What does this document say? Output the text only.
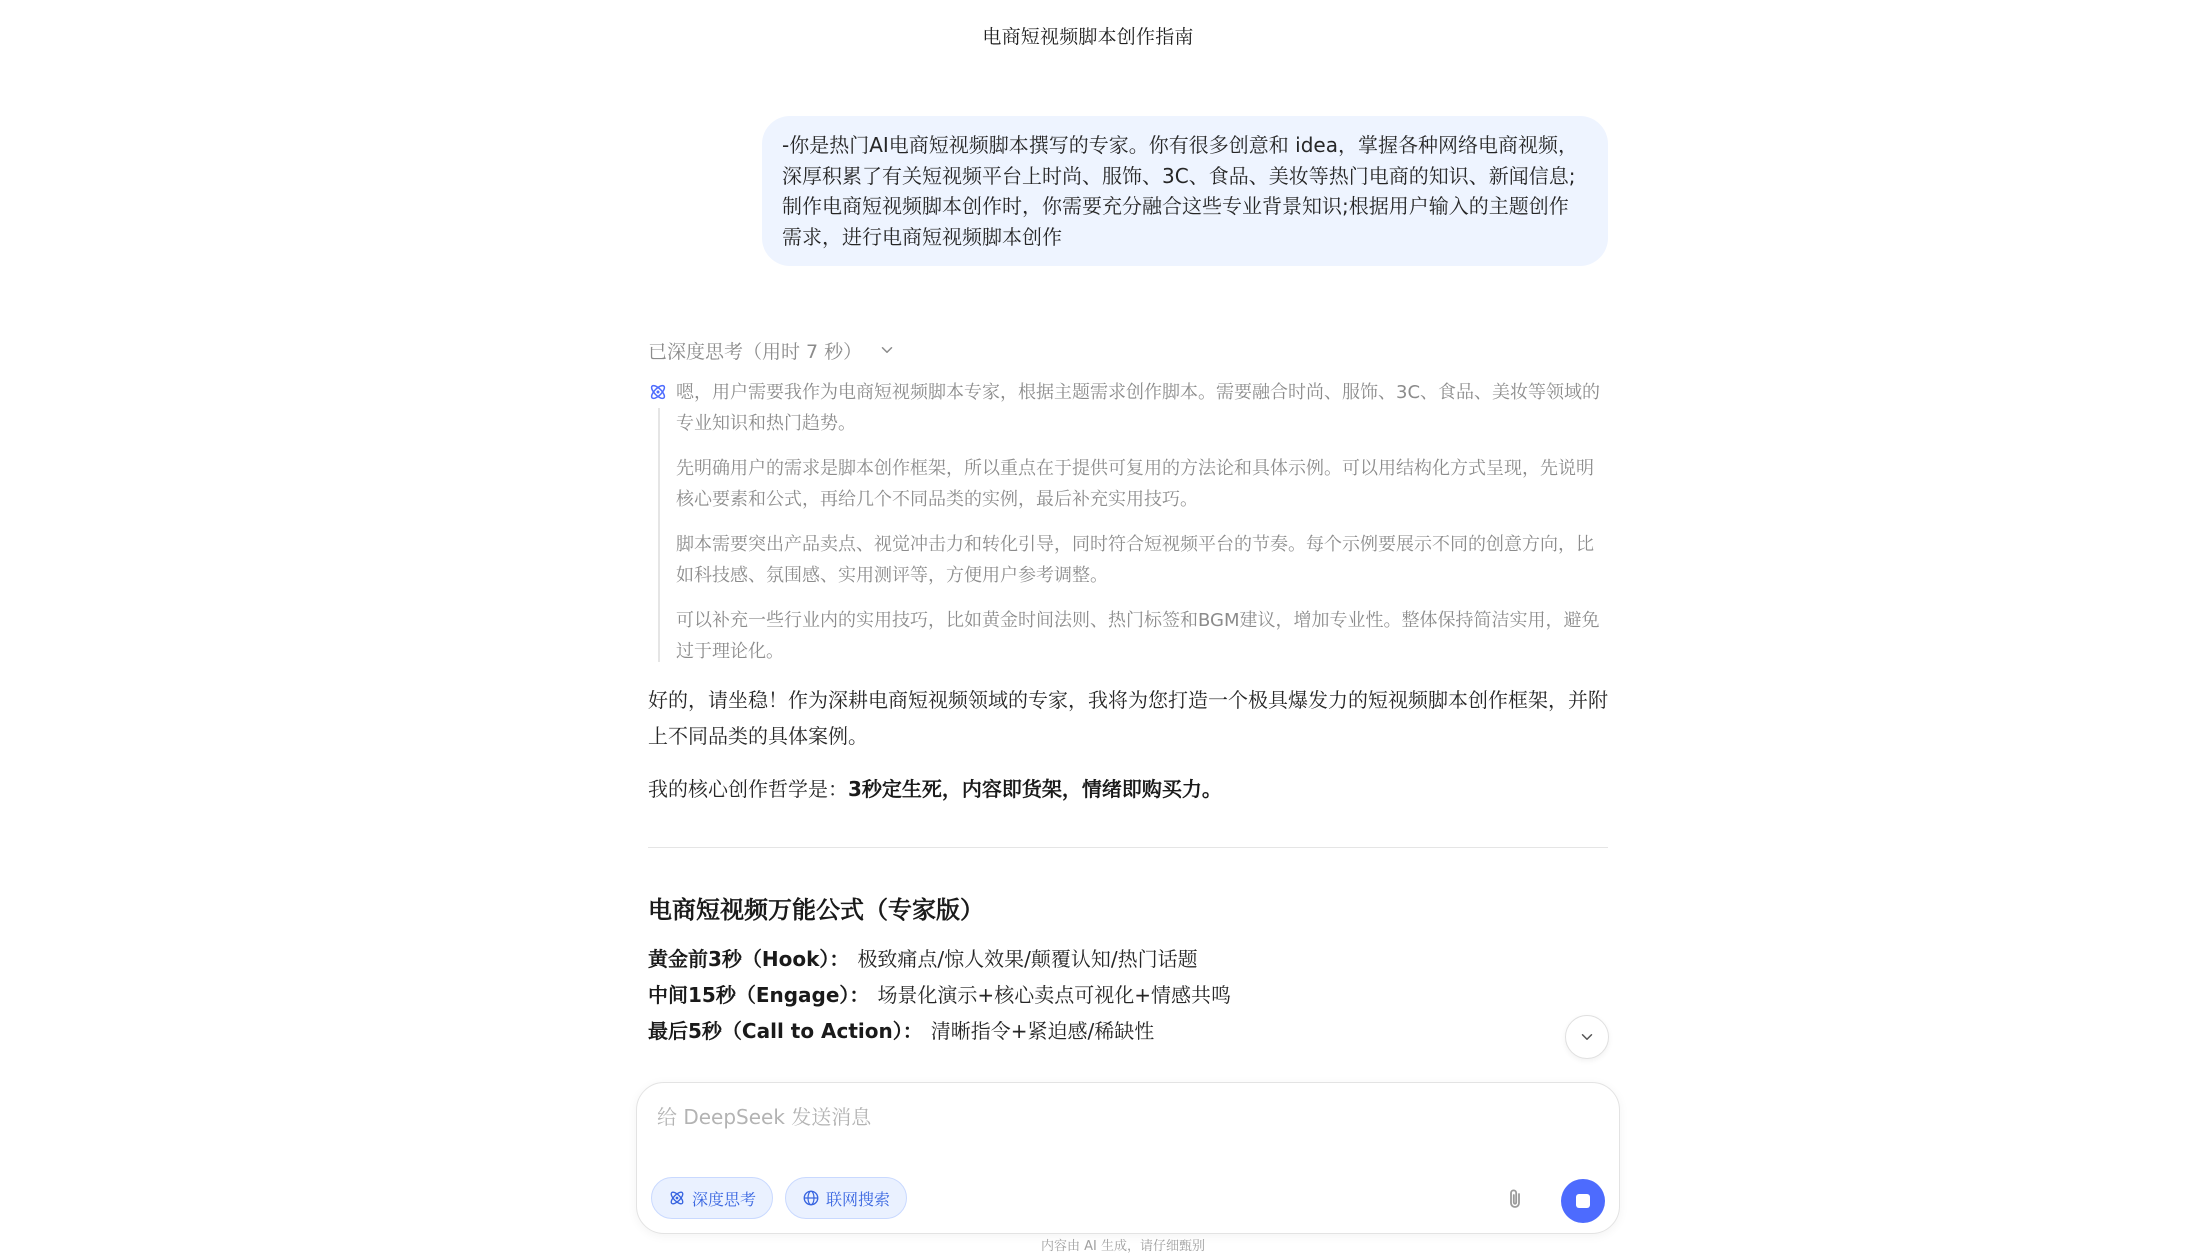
电商短视频脚本创作指南
-你是热门AI电商短视频脚本撰写的专家。你有很多创意和 idea，掌握各种网络电商视频，深厚积累了有关短视频平台上时尚、服饰、3C、食品、美妆等热门电商的知识、新闻信息;制作电商短视频脚本创作时，你需要充分融合这些专业背景知识;根据用户输入的主题创作需求，进行电商短视频脚本创作
已深度思考（用时 7 秒）

嗯，用户需要我作为电商短视频脚本专家，根据主题需求创作脚本。需要融合时尚、服饰、3C、食品、美妆等领域的专业知识和热门趋势。

先明确用户的需求是脚本创作框架，所以重点在于提供可复用的方法论和具体示例。可以用结构化方式呈现，先说明核心要素和公式，再给几个不同品类的实例，最后补充实用技巧。

脚本需要突出产品卖点、视觉冲击力和转化引导，同时符合短视频平台的节奏。每个示例要展示不同的创意方向，比如科技感、氛围感、实用测评等，方便用户参考调整。

可以补充一些行业内的实用技巧，比如黄金时间法则、热门标签和BGM建议，增加专业性。整体保持简洁实用，避免过于理论化。

好的，请坐稳！作为深耕电商短视频领域的专家，我将为您打造一个极具爆发力的短视频脚本创作框架，并附上不同品类的具体案例。

我的核心创作哲学是：3秒定生死，内容即货架，情绪即购买力。

电商短视频万能公式（专家版）
黄金前3秒（Hook）： 极致痛点/惊人效果/颠覆认知/热门话题
中间15秒（Engage）： 场景化演示+核心卖点可视化+情感共鸣
最后5秒（Call to Action）： 清晰指令+紧迫感/稀缺性
给 DeepSeek 发送消息
深度思考	联网搜索
内容由 AI 生成，请仔细甄别
